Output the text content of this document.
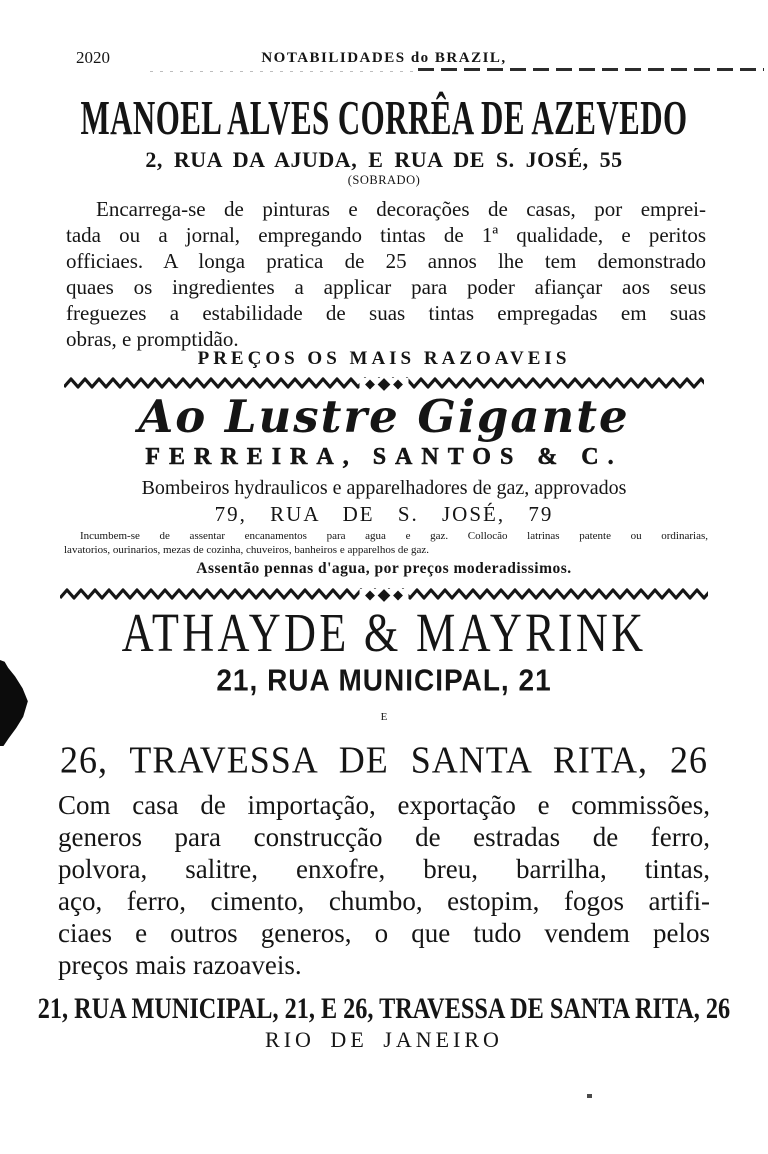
2020	NOTABILIDADES do BRAZIL,
MANOEL ALVES CORRÊA DE AZEVEDO
2, RUA DA AJUDA, E RUA DE S. JOSÉ, 55
(SOBRADO)
Encarrega-se de pinturas e decorações de casas, por emprei-
tada ou a jornal, empregando tintas de 1ª qualidade, e peritos
officiaes. A longa pratica de 25 annos lhe tem demonstrado
quaes os ingredientes a applicar para poder afiançar aos seus
freguezes a estabilidade de suas tintas empregadas em suas
obras, e promptidão.
PREÇOS OS MAIS RAZOAVEIS
Ao Lustre Gigante
FERREIRA, SANTOS & C.
Bombeiros hydraulicos e apparelhadores de gaz, approvados
79, RUA DE S. JOSÉ, 79
Incumbem-se de assentar encanamentos para agua e gaz. Collocão latrinas patente ou ordinarias,
lavatorios, ourinarios, mezas de cozinha, chuveiros, banheiros e apparelhos de gaz.
Assentão pennas d'agua, por preços moderadissimos.
ATHAYDE & MAYRINK
21, RUA MUNICIPAL, 21
E
26, TRAVESSA DE SANTA RITA, 26
Com casa de importação, exportação e commissões,
generos para construcção de estradas de ferro,
polvora, salitre, enxofre, breu, barrilha, tintas,
aço, ferro, cimento, chumbo, estopim, fogos artifi-
ciaes e outros generos, o que tudo vendem pelos
preços mais razoaveis.
21, RUA MUNICIPAL, 21, E 26, TRAVESSA DE SANTA RITA, 26
RIO DE JANEIRO
